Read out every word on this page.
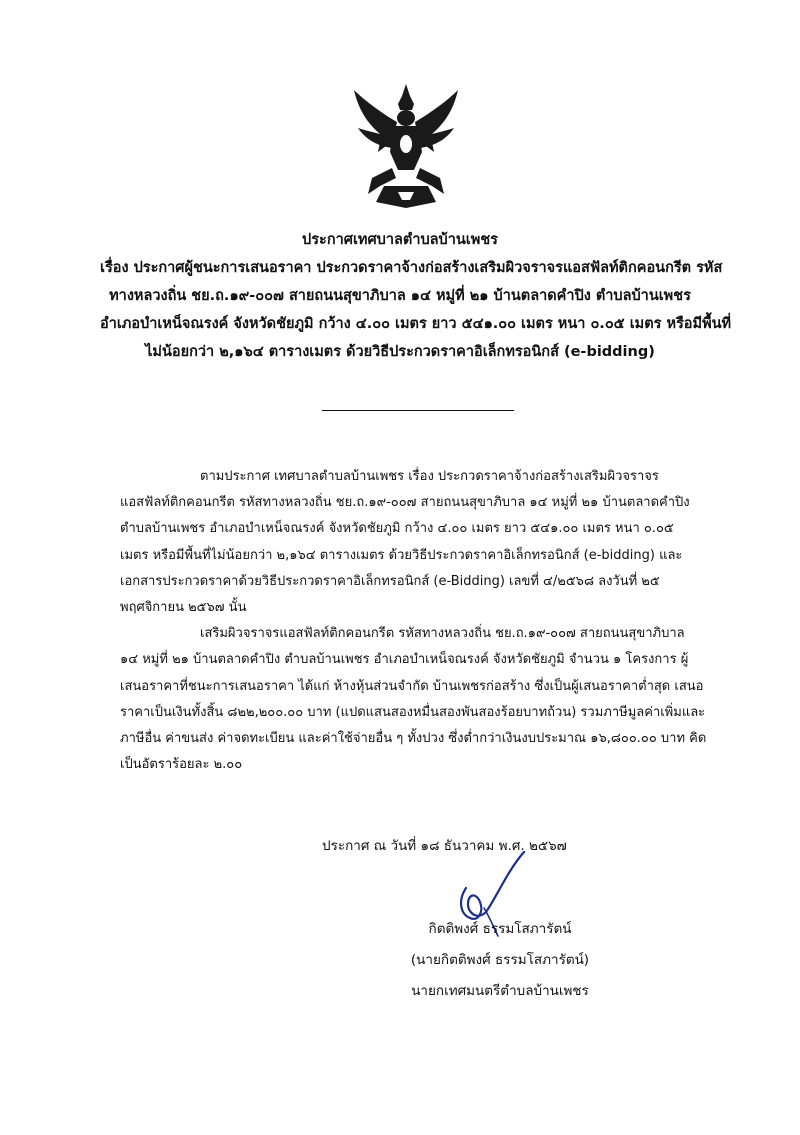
ประกาศเทศบาลตำบลบ้านเพชร
เรื่อง ประกาศผู้ชนะการเสนอราคา ประกวดราคาจ้างก่อสร้างเสริมผิวจราจรแอสฟัลท์ติกคอนกรีต รหัส
ทางหลวงถิ่น ชย.ถ.๑๙-๐๐๗ สายถนนสุขาภิบาล ๑๔ หมู่ที่ ๒๑ บ้านตลาดคำปิง ตำบลบ้านเพชร
อำเภอบำเหน็จณรงค์ จังหวัดชัยภูมิ กว้าง ๔.๐๐ เมตร ยาว ๕๔๑.๐๐ เมตร หนา ๐.๐๕ เมตร หรือมีพื้นที่
ไม่น้อยกว่า ๒,๑๖๔ ตารางเมตร ด้วยวิธีประกวดราคาอิเล็กทรอนิกส์ (e-bidding)
ตามประกาศ เทศบาลตำบลบ้านเพชร เรื่อง ประกวดราคาจ้างก่อสร้างเสริมผิวจราจร
แอสฟัลท์ติกคอนกรีต รหัสทางหลวงถิ่น ชย.ถ.๑๙-๐๐๗ สายถนนสุขาภิบาล ๑๔ หมู่ที่ ๒๑ บ้านตลาดคำปิง
ตำบลบ้านเพชร อำเภอบำเหน็จณรงค์ จังหวัดชัยภูมิ กว้าง ๔.๐๐ เมตร ยาว ๕๔๑.๐๐ เมตร หนา ๐.๐๕
เมตร หรือมีพื้นที่ไม่น้อยกว่า ๒,๑๖๔ ตารางเมตร ด้วยวิธีประกวดราคาอิเล็กทรอนิกส์ (e-bidding) และ
เอกสารประกวดราคาด้วยวิธีประกวดราคาอิเล็กทรอนิกส์ (e-Bidding) เลขที่ ๔/๒๕๖๘ ลงวันที่ ๒๕
พฤศจิกายน ๒๕๖๗ นั้น
เสริมผิวจราจรแอสฟัลท์ติกคอนกรีต รหัสทางหลวงถิ่น ชย.ถ.๑๙-๐๐๗ สายถนนสุขาภิบาล
๑๔ หมู่ที่ ๒๑ บ้านตลาดคำปิง ตำบลบ้านเพชร อำเภอบำเหน็จณรงค์ จังหวัดชัยภูมิ จำนวน ๑ โครงการ ผู้
เสนอราคาที่ชนะการเสนอราคา ได้แก่ ห้างหุ้นส่วนจำกัด บ้านเพชรก่อสร้าง ซึ่งเป็นผู้เสนอราคาต่ำสุด เสนอ
ราคาเป็นเงินทั้งสิ้น ๘๒๒,๒๐๐.๐๐ บาท (แปดแสนสองหมื่นสองพันสองร้อยบาทถ้วน) รวมภาษีมูลค่าเพิ่มและ
ภาษีอื่น ค่าขนส่ง ค่าจดทะเบียน และค่าใช้จ่ายอื่น ๆ ทั้งปวง ซึ่งต่ำกว่าเงินงบประมาณ ๑๖,๘๐๐.๐๐ บาท คิด
เป็นอัตราร้อยละ ๒.๐๐
ประกาศ ณ วันที่ ๑๘ ธันวาคม พ.ศ. ๒๕๖๗
กิตติพงศ์ ธรรมโสภารัตน์
(นายกิตติพงศ์ ธรรมโสภารัตน์)
นายกเทศมนตรีตำบลบ้านเพชร
